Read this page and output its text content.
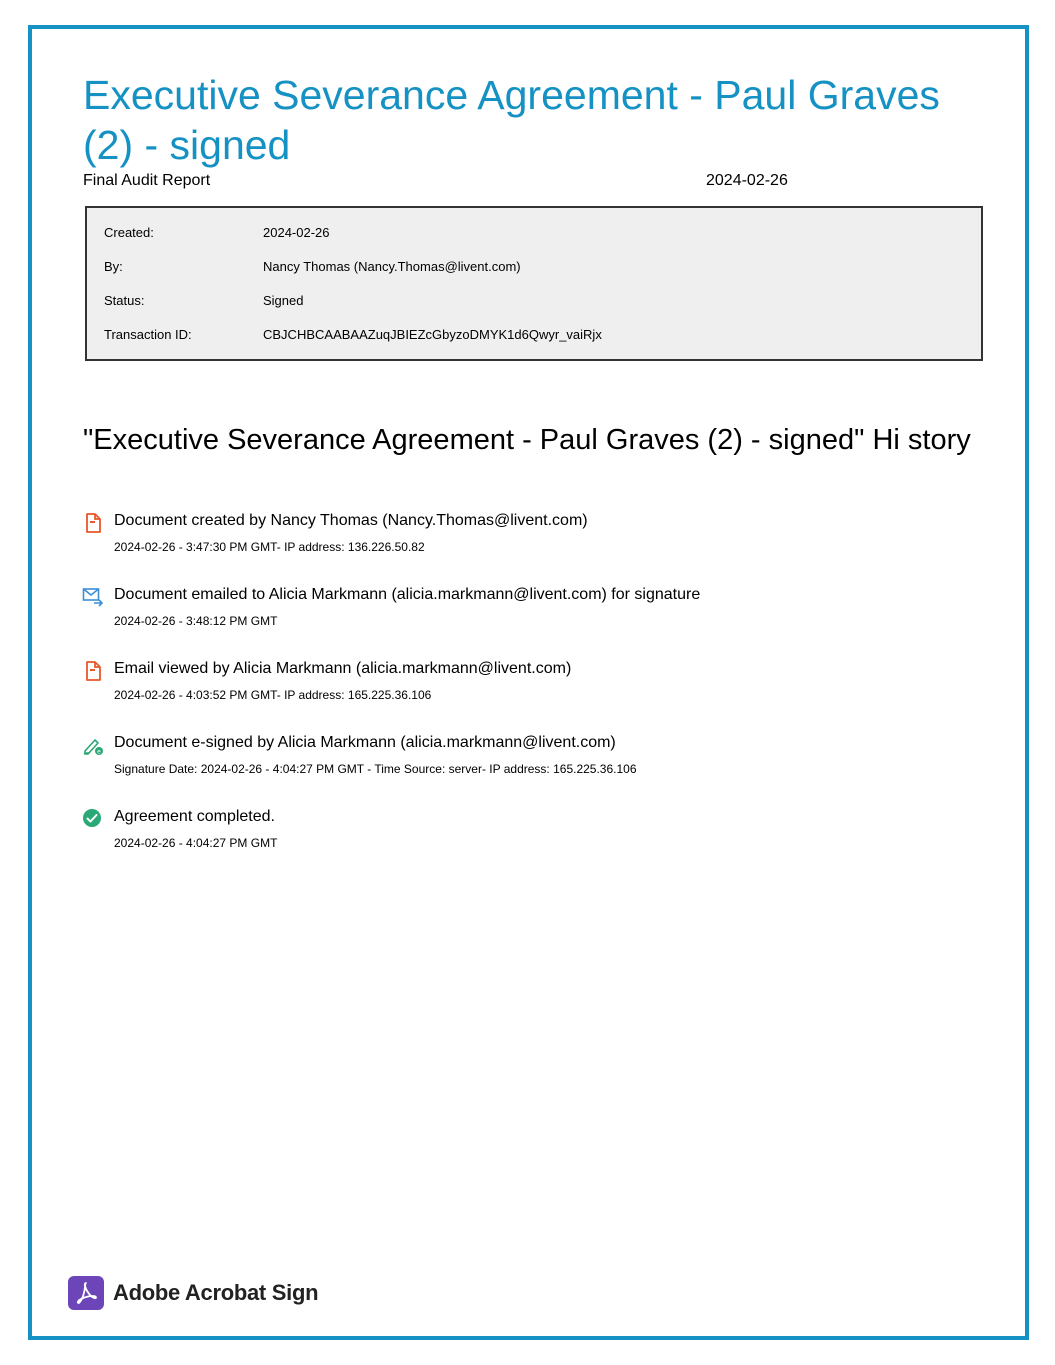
Executive Severance Agreement - Paul Graves (2) - signed
Final Audit Report	2024-02-26
Created:	2024-02-26
By:	Nancy Thomas (Nancy.Thomas@livent.com)
Status:	Signed
Transaction ID:	CBJCHBCAABAAZuqJBIEZcGbyzoDMYK1d6Qwyr_vaiRjx
"Executive Severance Agreement - Paul Graves (2) - signed" Hi story
Document created by Nancy Thomas (Nancy.Thomas@livent.com)
2024-02-26 - 3:47:30 PM GMT- IP address: 136.226.50.82
Document emailed to Alicia Markmann (alicia.markmann@livent.com) for signature
2024-02-26 - 3:48:12 PM GMT
Email viewed by Alicia Markmann (alicia.markmann@livent.com)
2024-02-26 - 4:03:52 PM GMT- IP address: 165.225.36.106
e
Document e-signed by Alicia Markmann (alicia.markmann@livent.com)
Signature Date: 2024-02-26 - 4:04:27 PM GMT - Time Source: server- IP address: 165.225.36.106
Agreement completed.
2024-02-26 - 4:04:27 PM GMT
Adobe Acrobat Sign
